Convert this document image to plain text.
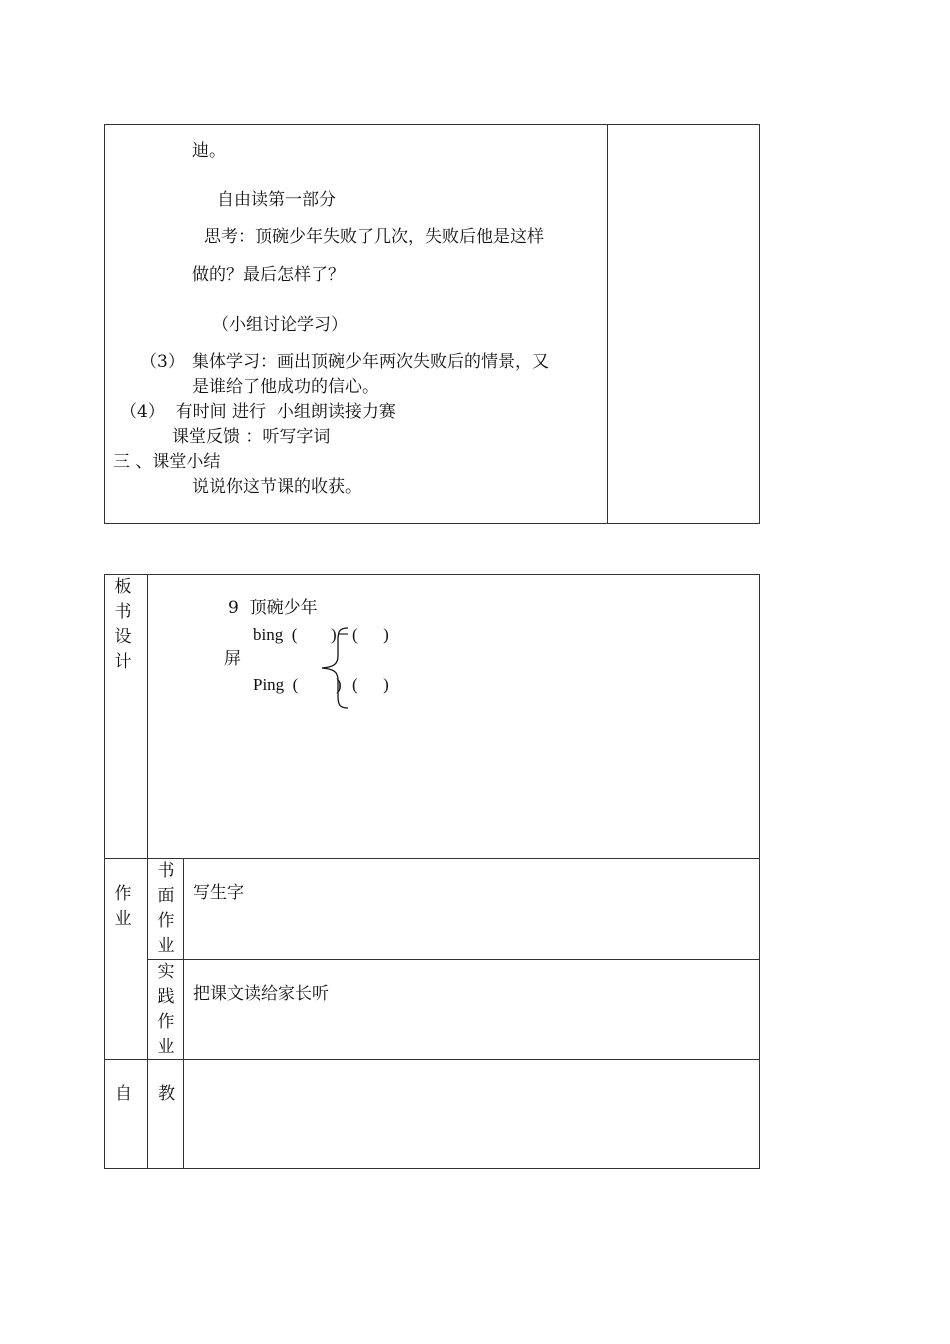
迪。
自由读第一部分
思考：顶碗少年失败了几次，失败后他是这样
做的？最后怎样了？
（小组讨论学习）
（3） 集体学习：画出顶碗少年两次失败后的情景，又
是谁给了他成功的信心。
（4）  有时间 进行  小组朗读接力赛
课堂反馈 ：听写字词
三 、课堂小结
说说你这节课的收获。
板
书
设
计
9  顶碗少年
bing  ( ) (      )
屏
Ping  ( ) (      )
作
业
书
面
作
业
写生字
实
践
作
业
把课文读给家长听
自 教
